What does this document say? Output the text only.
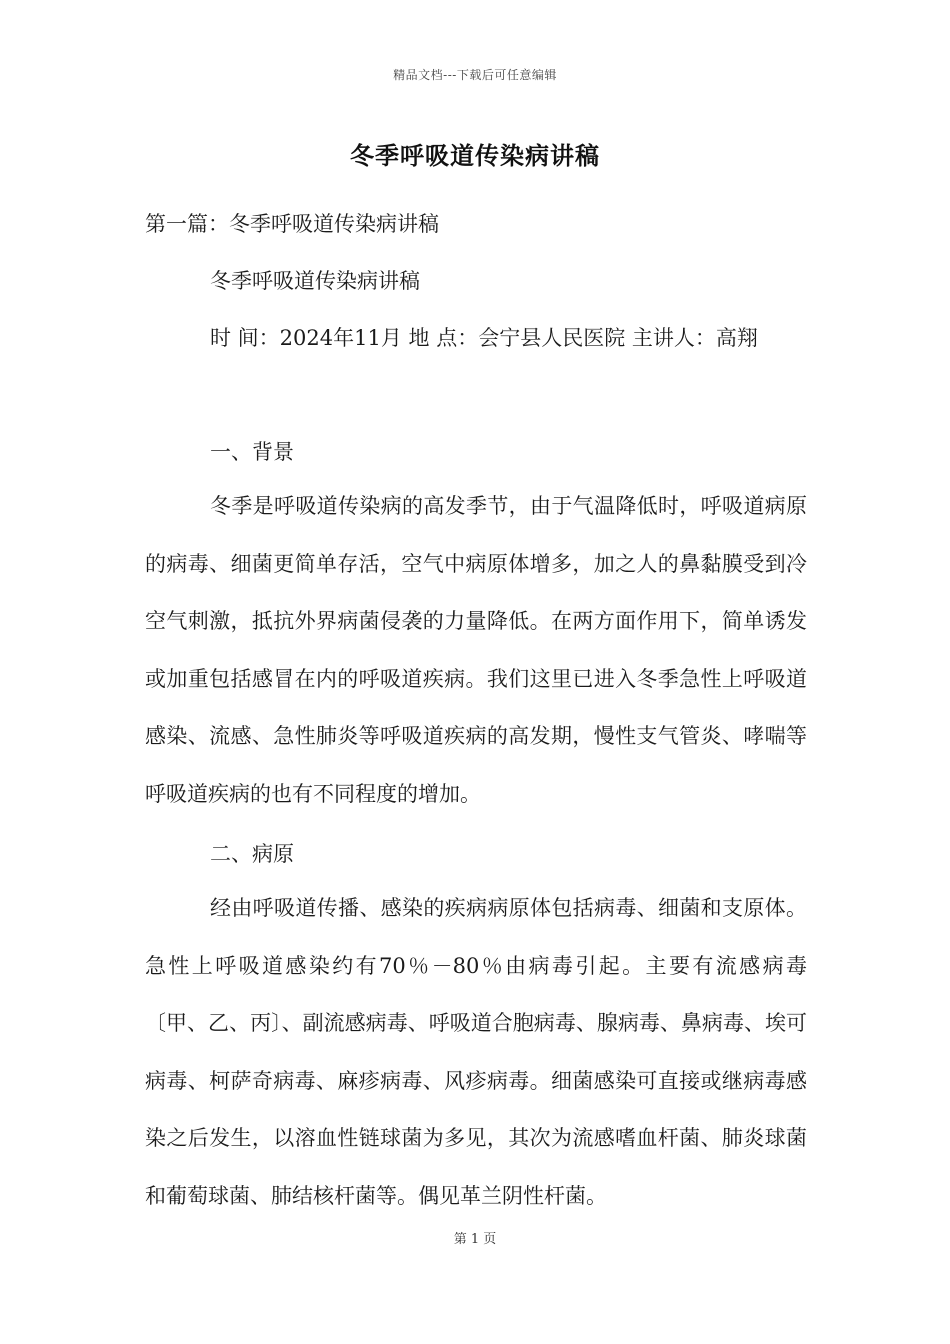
精品文档---下载后可任意编辑
冬季呼吸道传染病讲稿
第一篇：冬季呼吸道传染病讲稿
冬季呼吸道传染病讲稿
时 间：2024年11月 地 点：会宁县人民医院 主讲人：高翔
一、背景
冬季是呼吸道传染病的高发季节，由于气温降低时，呼吸道病原的病毒、细菌更简单存活，空气中病原体增多，加之人的鼻黏膜受到冷空气刺激，抵抗外界病菌侵袭的力量降低。在两方面作用下，简单诱发或加重包括感冒在内的呼吸道疾病。我们这里已进入冬季急性上呼吸道感染、流感、急性肺炎等呼吸道疾病的高发期，慢性支气管炎、哮喘等呼吸道疾病的也有不同程度的增加。
二、病原
经由呼吸道传播、感染的疾病病原体包括病毒、细菌和支原体。急性上呼吸道感染约有70％－80％由病毒引起。主要有流感病毒〔甲、乙、丙〕、副流感病毒、呼吸道合胞病毒、腺病毒、鼻病毒、埃可病毒、柯萨奇病毒、麻疹病毒、风疹病毒。细菌感染可直接或继病毒感染之后发生，以溶血性链球菌为多见，其次为流感嗜血杆菌、肺炎球菌和葡萄球菌、肺结核杆菌等。偶见革兰阴性杆菌。
第 1 页
